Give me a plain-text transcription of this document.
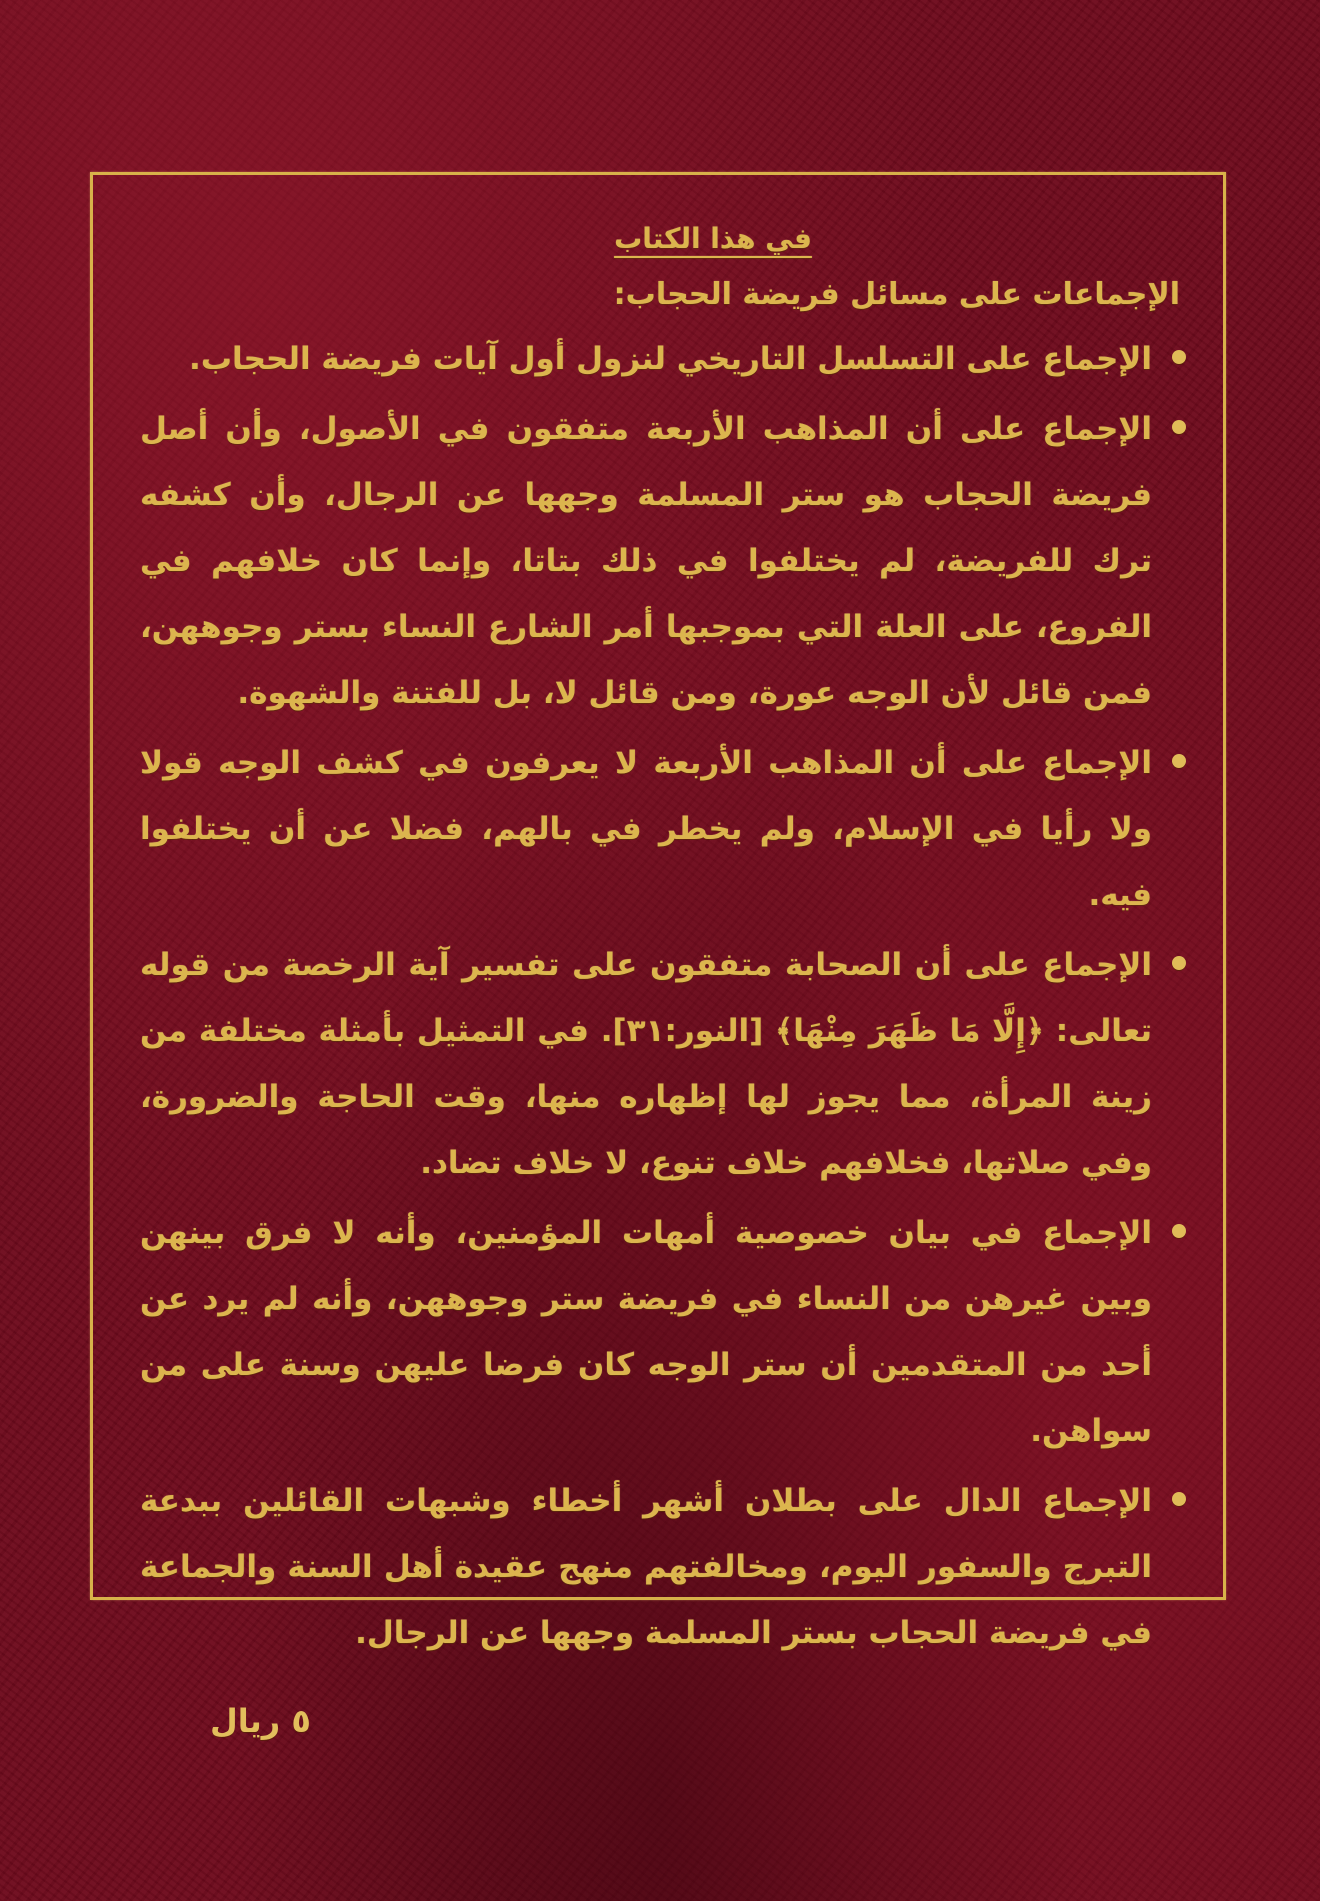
في هذا الكتاب
الإجماعات على مسائل فريضة الحجاب:
الإجماع على التسلسل التاريخي لنزول أول آيات فريضة الحجاب.
الإجماع على أن المذاهب الأربعة متفقون في الأصول، وأن أصل فريضة الحجاب هو ستر المسلمة وجهها عن الرجال، وأن كشفه ترك للفريضة، لم يختلفوا في ذلك بتاتا، وإنما كان خلافهم في الفروع، على العلة التي بموجبها أمر الشارع النساء بستر وجوههن، فمن قائل لأن الوجه عورة، ومن قائل لا، بل للفتنة والشهوة.
الإجماع على أن المذاهب الأربعة لا يعرفون في كشف الوجه قولا ولا رأيا في الإسلام، ولم يخطر في بالهم، فضلا عن أن يختلفوا فيه.
الإجماع على أن الصحابة متفقون على تفسير آية الرخصة من قوله تعالى: ﴿إِلَّا مَا ظَهَرَ مِنْهَا﴾ [النور:٣١]. في التمثيل بأمثلة مختلفة من زينة المرأة، مما يجوز لها إظهاره منها، وقت الحاجة والضرورة، وفي صلاتها، فخلافهم خلاف تنوع، لا خلاف تضاد.
الإجماع في بيان خصوصية أمهات المؤمنين، وأنه لا فرق بينهن وبين غيرهن من النساء في فريضة ستر وجوههن، وأنه لم يرد عن أحد من المتقدمين أن ستر الوجه كان فرضا عليهن وسنة على من سواهن.
الإجماع الدال على بطلان أشهر أخطاء وشبهات القائلين ببدعة التبرج والسفور اليوم، ومخالفتهم منهج عقيدة أهل السنة والجماعة في فريضة الحجاب بستر المسلمة وجهها عن الرجال.
٥ ريال
